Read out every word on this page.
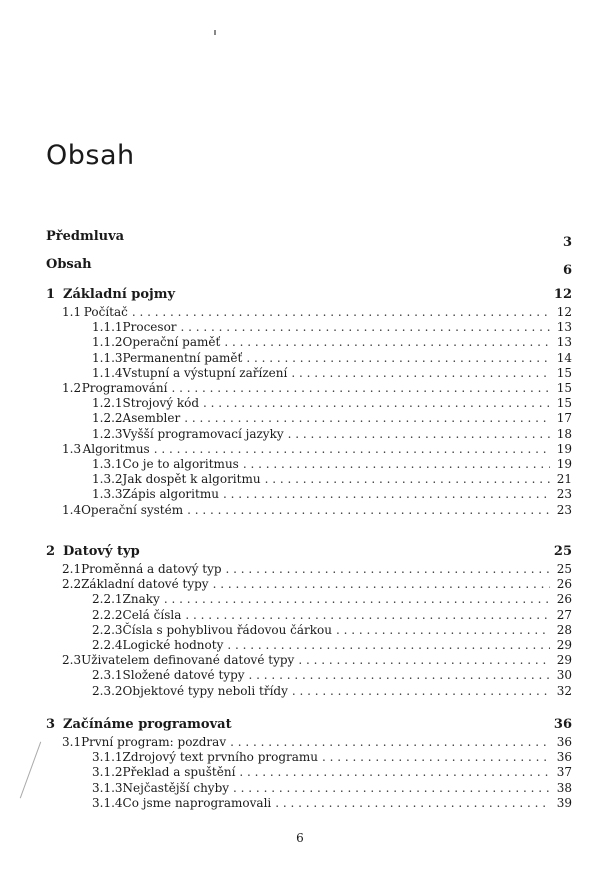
Obsah
Předmluva	3
Obsah	6
1 Základní pojmy	12
1.1 Počítač . . .	12
1.1.1 Procesor . . .	13
1.1.2 Operační paměť . . .	13
1.1.3 Permanentní paměť . . .	14
1.1.4 Vstupní a výstupní zařízení . . .	15
1.2 Programování . . .	15
1.2.1 Strojový kód . . .	15
1.2.2 Asembler . . .	17
1.2.3 Vyšší programovací jazyky . . .	18
1.3 Algoritmus . . .	19
1.3.1 Co je to algoritmus . . .	19
1.3.2 Jak dospět k algoritmu . . .	21
1.3.3 Zápis algoritmu . . .	23
1.4 Operační systém . . .	23
2 Datový typ	25
2.1 Proměnná a datový typ . . .	25
2.2 Základní datové typy . . .	26
2.2.1 Znaky . . .	26
2.2.2 Celá čísla . . .	27
2.2.3 Čísla s pohyblivou řádovou čárkou . . .	28
2.2.4 Logické hodnoty . . .	29
2.3 Uživatelem definované datové typy . . .	29
2.3.1 Složené datové typy . . .	30
2.3.2 Objektové typy neboli třídy . . .	32
3 Začínáme programovat	36
3.1 První program: pozdrav . . .	36
3.1.1 Zdrojový text prvního programu . . .	36
3.1.2 Překlad a spuštění . . .	37
3.1.3 Nejčastější chyby . . .	38
3.1.4 Co jsme naprogramovali . . .	39
6
